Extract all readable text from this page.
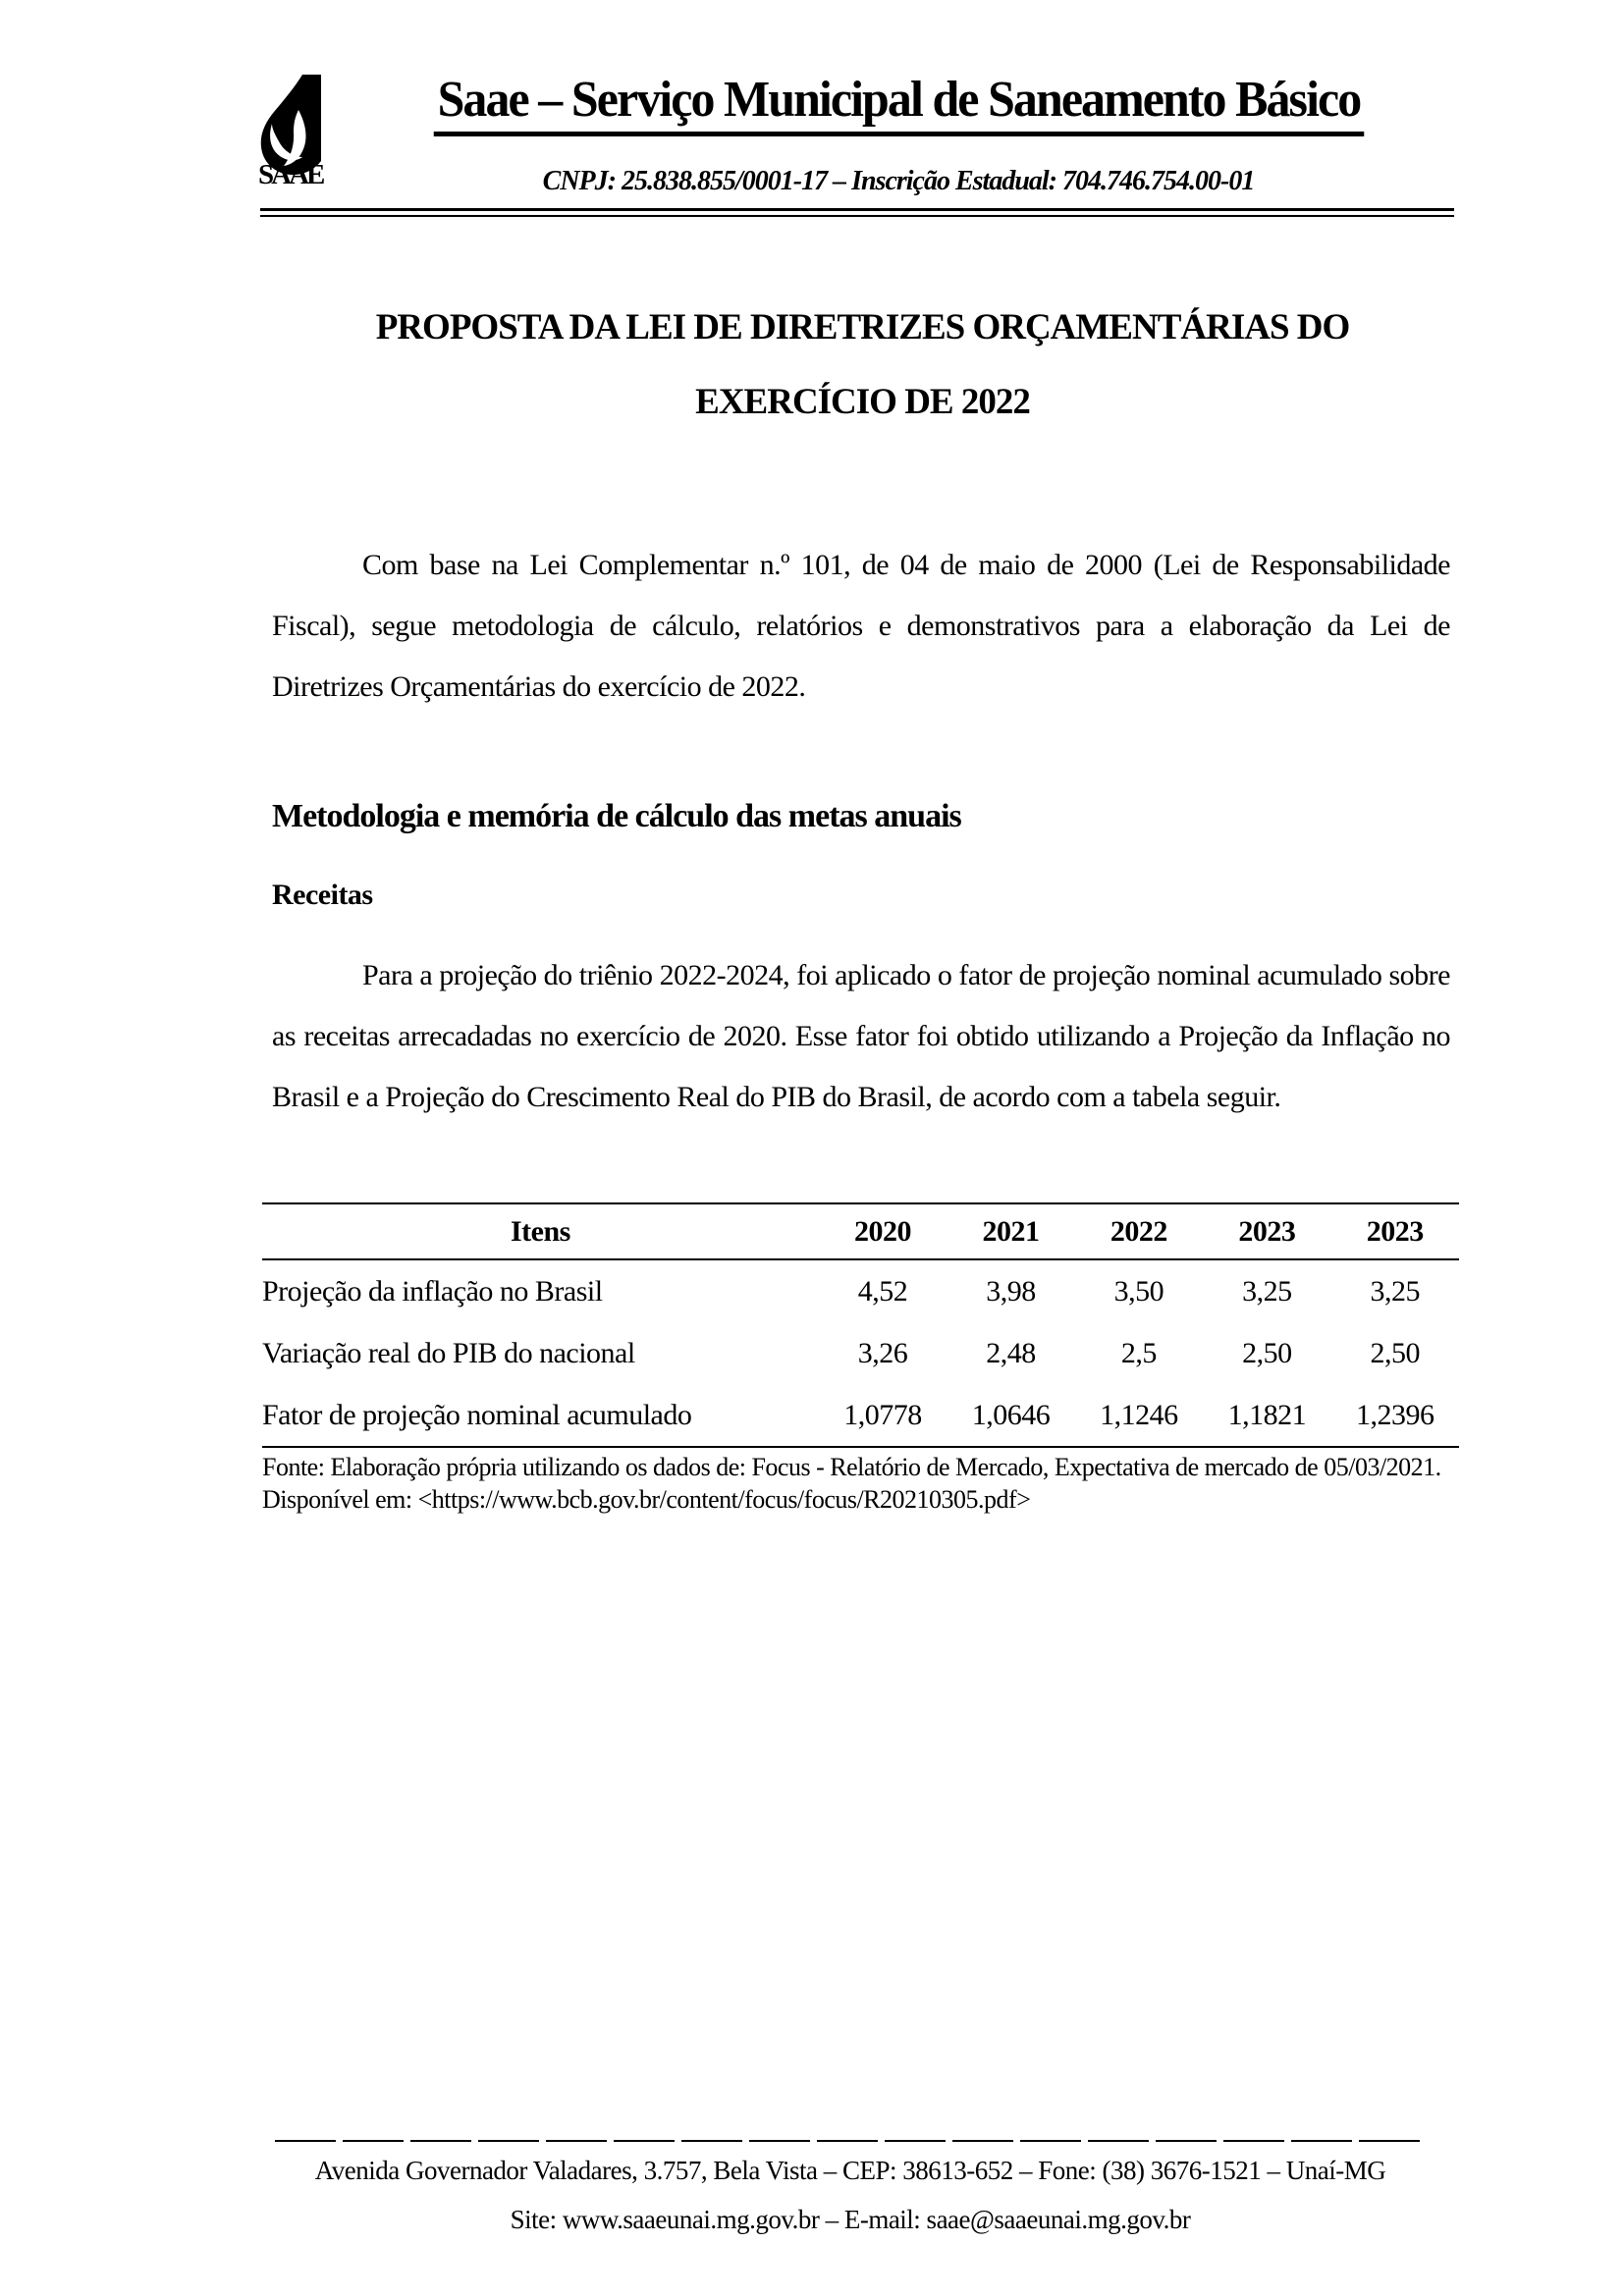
SAAE
Saae – Serviço Municipal de Saneamento Básico
CNPJ: 25.838.855/0001-17 – Inscrição Estadual: 704.746.754.00-01
PROPOSTA DA LEI DE DIRETRIZES ORÇAMENTÁRIAS DO
EXERCÍCIO DE 2022
Com base na Lei Complementar n.º 101, de 04 de maio de 2000 (Lei de Responsabilidade Fiscal), segue metodologia de cálculo, relatórios e demonstrativos para a elaboração da Lei de Diretrizes Orçamentárias do exercício de 2022.
Metodologia e memória de cálculo das metas anuais
Receitas
Para a projeção do triênio 2022-2024, foi aplicado o fator de projeção nominal acumulado sobre as receitas arrecadadas no exercício de 2020. Esse fator foi obtido utilizando a Projeção da Inflação no Brasil e a Projeção do Crescimento Real do PIB do Brasil, de acordo com a tabela seguir.
Itens	2020	2021	2022	2023	2023
Projeção da inflação no Brasil	4,52	3,98	3,50	3,25	3,25
Variação real do PIB do nacional	3,26	2,48	2,5	2,50	2,50
Fator de projeção nominal acumulado	1,0778	1,0646	1,1246	1,1821	1,2396
Fonte: Elaboração própria utilizando os dados de: Focus - Relatório de Mercado, Expectativa de mercado de 05/03/2021. Disponível em: <https://www.bcb.gov.br/content/focus/focus/R20210305.pdf>
Avenida Governador Valadares, 3.757, Bela Vista – CEP: 38613-652 – Fone: (38) 3676-1521 – Unaí-MG
Site: www.saaeunai.mg.gov.br – E-mail: saae@saaeunai.mg.gov.br
